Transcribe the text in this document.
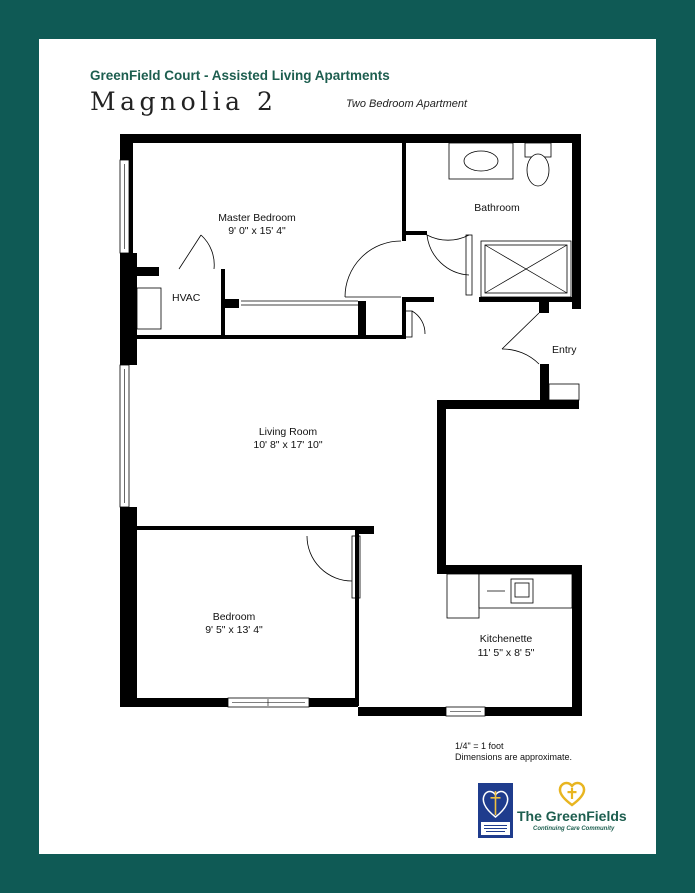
GreenField Court - Assisted Living Apartments
Magnolia 2	Two Bedroom Apartment
Master Bedroom
9' 0" x 15' 4"
Bathroom
HVAC
Entry
Living Room
10' 8" x 17' 10"
Bedroom
9' 5" x 13' 4"
Kitchenette
11' 5" x 8' 5"
1/4" = 1 foot
Dimensions are approximate.
The GreenFields
Continuing Care Community
